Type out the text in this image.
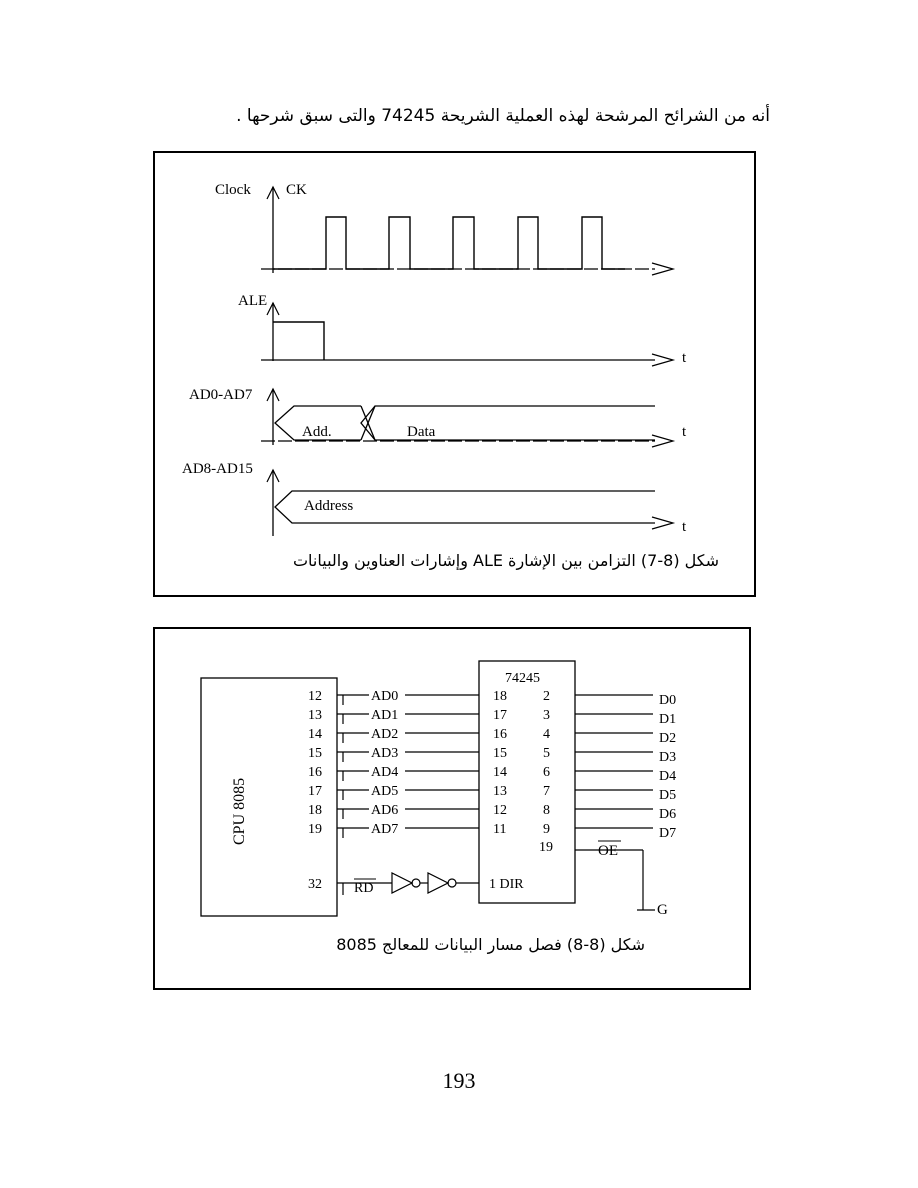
أنه من الشرائح المرشحة لهذه العملية الشريحة 74245 والتى سبق شرحها .
Clock CK
ALE
t
AD0-AD7
Add.	Data	t
AD8-AD15
Address
t
شكل (8-7) التزامن بين الإشارة ALE وإشارات العناوين والبيانات
CPU 8085
74245
12	AD0	18	2	D0
13	AD1	17	3	D1
14	AD2	16	4	D2
15	AD3	15	5	D3
16	AD4	14	6	D4
17	AD5	13	7	D5
18	AD6	12	8	D6
19	AD7	11	9	D7
19	OE
G
32 RD	1 DIR
شكل (8-8) فصل مسار البيانات للمعالج 8085
193
